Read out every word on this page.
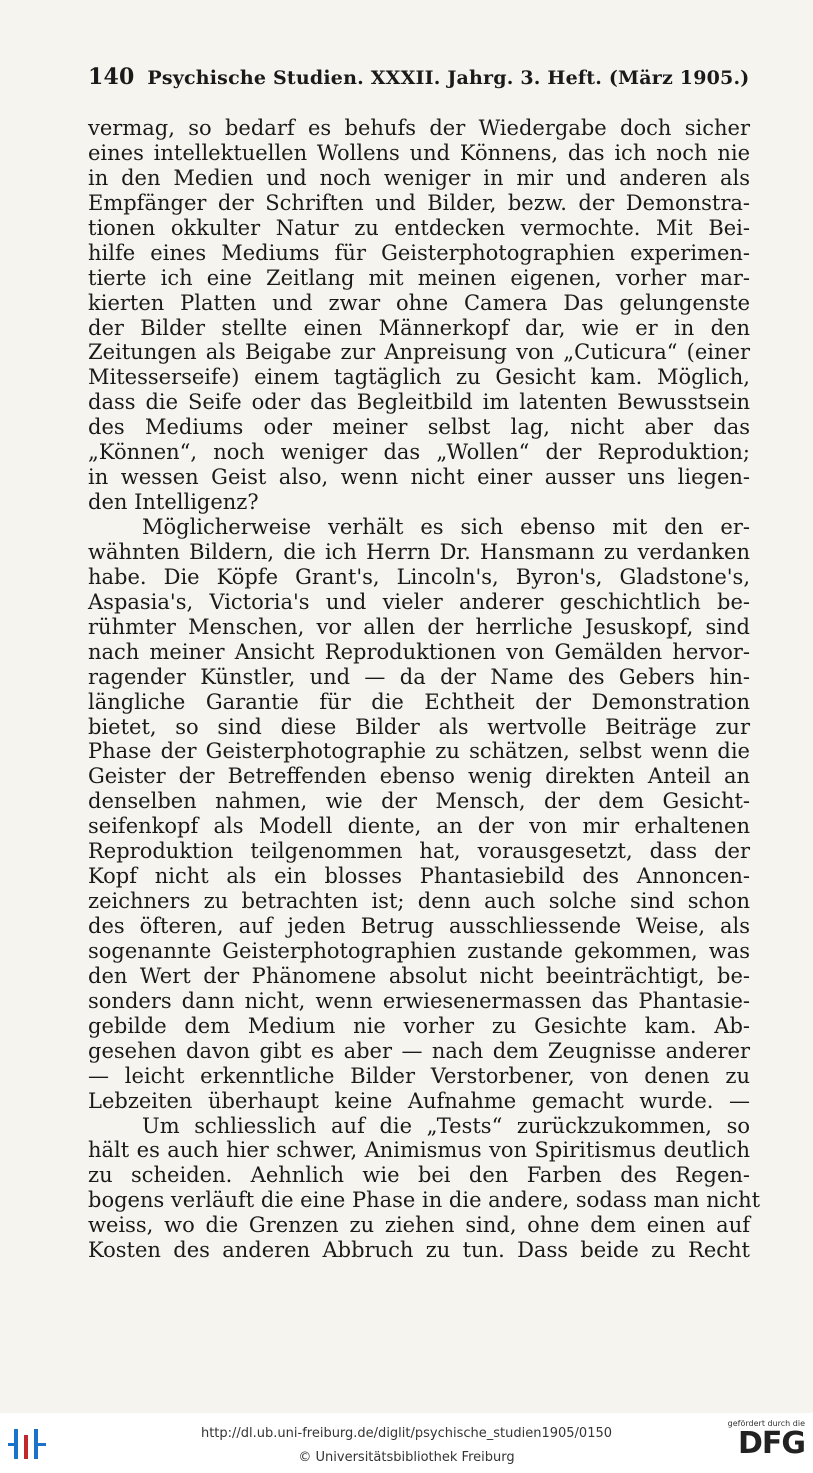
140 Psychische Studien. XXXII. Jahrg. 3. Heft. (März 1905.)
vermag, so bedarf es behufs der Wiedergabe doch sicher
eines intellektuellen Wollens und Könnens, das ich noch nie
in den Medien und noch weniger in mir und anderen als
Empfänger der Schriften und Bilder, bezw. der Demonstra-
tionen okkulter Natur zu entdecken vermochte. Mit Bei-
hilfe eines Mediums für Geisterphotographien experimen-
tierte ich eine Zeitlang mit meinen eigenen, vorher mar-
kierten Platten und zwar ohne Camera Das gelungenste
der Bilder stellte einen Männerkopf dar, wie er in den
Zeitungen als Beigabe zur Anpreisung von „Cuticura“ (einer
Mitesserseife) einem tagtäglich zu Gesicht kam. Möglich,
dass die Seife oder das Begleitbild im latenten Bewusstsein
des Mediums oder meiner selbst lag, nicht aber das
„Können“, noch weniger das „Wollen“ der Reproduktion;
in wessen Geist also, wenn nicht einer ausser uns liegen-
den Intelligenz?
Möglicherweise verhält es sich ebenso mit den er-
wähnten Bildern, die ich Herrn Dr. Hansmann zu verdanken
habe. Die Köpfe Grant's, Lincoln's, Byron's, Gladstone's,
Aspasia's, Victoria's und vieler anderer geschichtlich be-
rühmter Menschen, vor allen der herrliche Jesuskopf, sind
nach meiner Ansicht Reproduktionen von Gemälden hervor-
ragender Künstler, und — da der Name des Gebers hin-
längliche Garantie für die Echtheit der Demonstration
bietet, so sind diese Bilder als wertvolle Beiträge zur
Phase der Geisterphotographie zu schätzen, selbst wenn die
Geister der Betreffenden ebenso wenig direkten Anteil an
denselben nahmen, wie der Mensch, der dem Gesicht-
seifenkopf als Modell diente, an der von mir erhaltenen
Reproduktion teilgenommen hat, vorausgesetzt, dass der
Kopf nicht als ein blosses Phantasiebild des Annoncen-
zeichners zu betrachten ist; denn auch solche sind schon
des öfteren, auf jeden Betrug ausschliessende Weise, als
sogenannte Geisterphotographien zustande gekommen, was
den Wert der Phänomene absolut nicht beeinträchtigt, be-
sonders dann nicht, wenn erwiesenermassen das Phantasie-
gebilde dem Medium nie vorher zu Gesichte kam. Ab-
gesehen davon gibt es aber — nach dem Zeugnisse anderer
— leicht erkenntliche Bilder Verstorbener, von denen zu
Lebzeiten überhaupt keine Aufnahme gemacht wurde. —
Um schliesslich auf die „Tests“ zurückzukommen, so
hält es auch hier schwer, Animismus von Spiritismus deutlich
zu scheiden. Aehnlich wie bei den Farben des Regen-
bogens verläuft die eine Phase in die andere, sodass man nicht
weiss, wo die Grenzen zu ziehen sind, ohne dem einen auf
Kosten des anderen Abbruch zu tun. Dass beide zu Recht
http://dl.ub.uni-freiburg.de/diglit/psychische_studien1905/0150
© Universitätsbibliothek Freiburg
gefördert durch die
DFG
